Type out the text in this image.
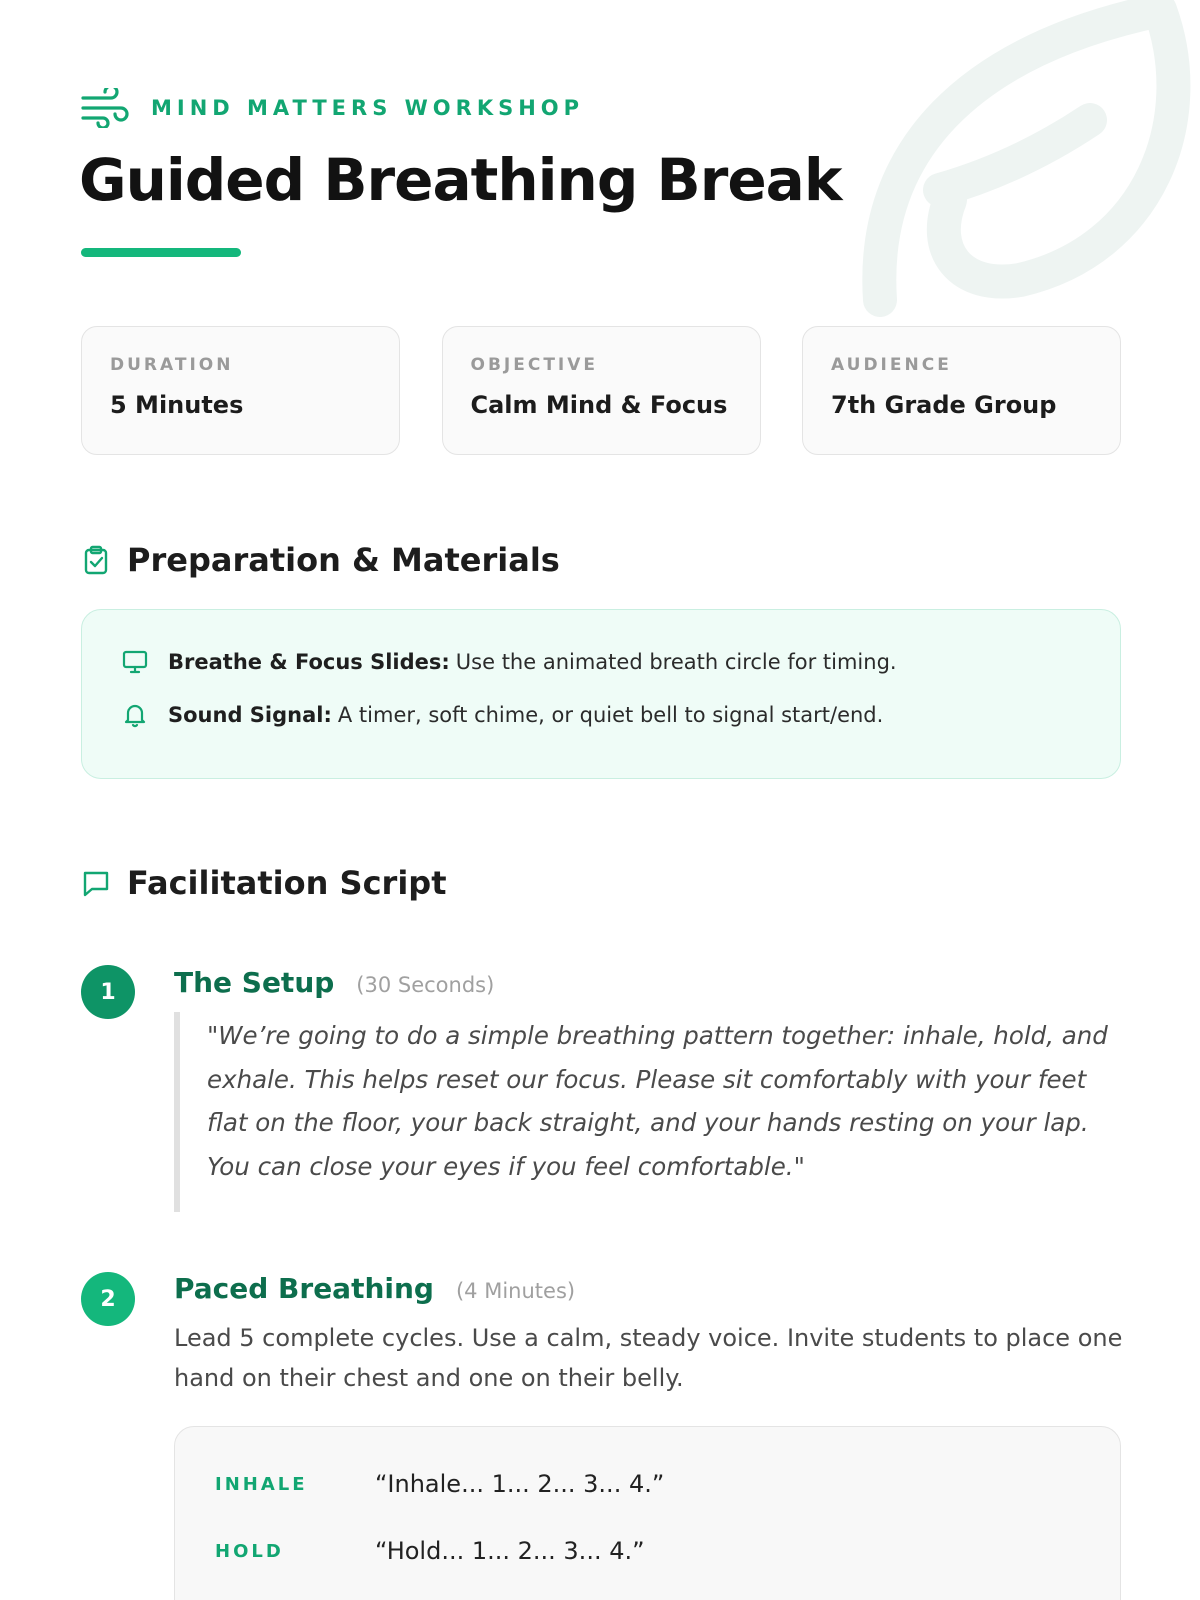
MIND MATTERS WORKSHOP
Guided Breathing Break
DURATION
5 Minutes
OBJECTIVE
Calm Mind & Focus
AUDIENCE
7th Grade Group
Preparation & Materials
Breathe & Focus Slides: Use the animated breath circle for timing.
Sound Signal: A timer, soft chime, or quiet bell to signal start/end.
Facilitation Script
1	The Setup (30 Seconds)

"We’re going to do a simple breathing pattern together: inhale, hold, and exhale. This helps reset our focus. Please sit comfortably with your feet flat on the floor, your back straight, and your hands resting on your lap. You can close your eyes if you feel comfortable."

2	Paced Breathing (4 Minutes)

Lead 5 complete cycles. Use a calm, steady voice. Invite students to place one hand on their chest and one on their belly.

INHALE	“Inhale... 1... 2... 3... 4.”
HOLD	“Hold... 1... 2... 3... 4.”
